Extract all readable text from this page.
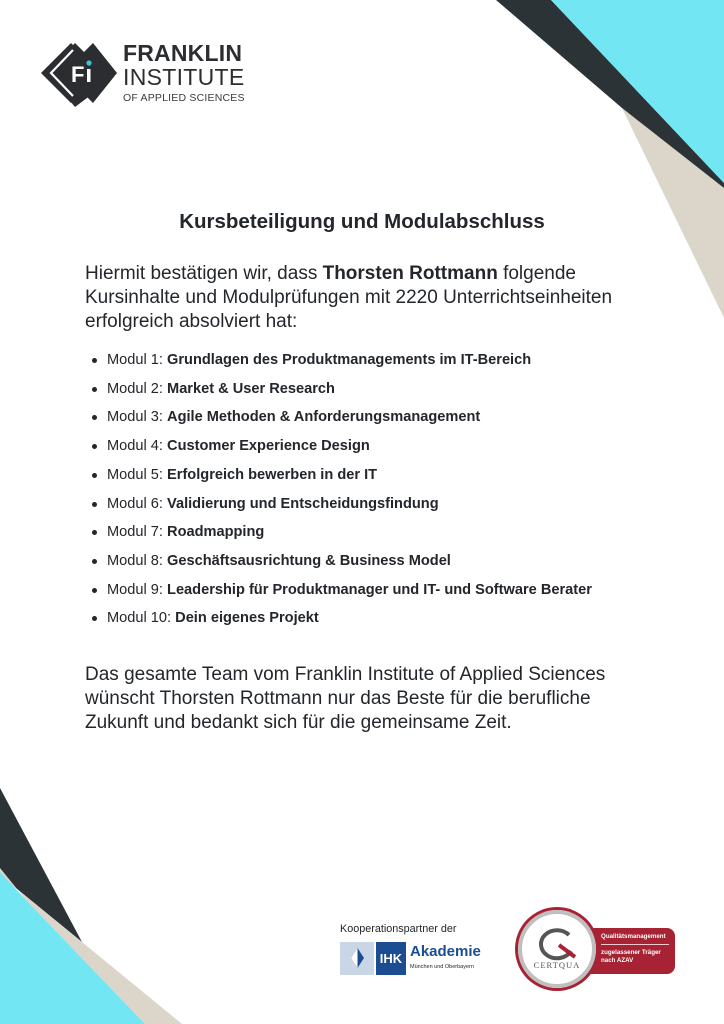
F
FRANKLIN
INSTITUTE
OF APPLIED SCIENCES
Kursbeteiligung und Modulabschluss

Hiermit bestätigen wir, dass Thorsten Rottmann folgende Kursinhalte und Modulprüfungen mit 2220 Unterrichtseinheiten erfolgreich absolviert hat:

Modul 1: Grundlagen des Produktmanagements im IT-Bereich
Modul 2: Market & User Research
Modul 3: Agile Methoden & Anforderungsmanagement
Modul 4: Customer Experience Design
Modul 5: Erfolgreich bewerben in der IT
Modul 6: Validierung und Entscheidungsfindung
Modul 7: Roadmapping
Modul 8: Geschäftsausrichtung & Business Model
Modul 9: Leadership für Produktmanager und IT- und Software Berater
Modul 10: Dein eigenes Projekt

Das gesamte Team vom Franklin Institute of Applied Sciences wünscht Thorsten Rottmann nur das Beste für die berufliche Zukunft und bedankt sich für die gemeinsame Zeit.

Kooperationspartner der
IHK Akademie
München und Oberbayern
Qualitätsmanagement
zugelassener Träger
nach AZAV
CERTQUA
